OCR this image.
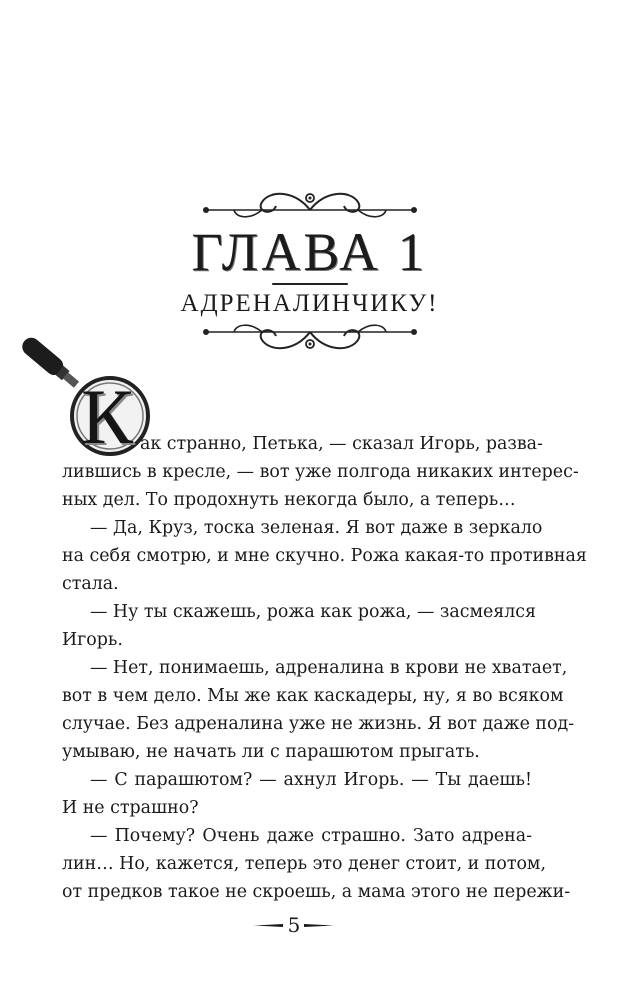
ГЛАВА 1
АДРЕНАЛИНЧИКУ!
К ак странно, Петька, — сказал Игорь, разва-
лившись в кресле, — вот уже полгода никаких интерес-
ных дел. То продохнуть некогда было, а теперь…
— Да, Круз, тоска зеленая. Я вот даже в зеркало
на себя смотрю, и мне скучно. Рожа какая-то противная
стала.
— Ну ты скажешь, рожа как рожа, — засмеялся
Игорь.
— Нет, понимаешь, адреналина в крови не хватает,
вот в чем дело. Мы же как каскадеры, ну, я во всяком
случае. Без адреналина уже не жизнь. Я вот даже под-
умываю, не начать ли с парашютом прыгать.
— С парашютом? — ахнул Игорь. — Ты даешь!
И не страшно?
— Почему? Очень даже страшно. Зато адрена-
лин… Но, кажется, теперь это денег стоит, и потом,
от предков такое не скроешь, а мама этого не пережи-
5
